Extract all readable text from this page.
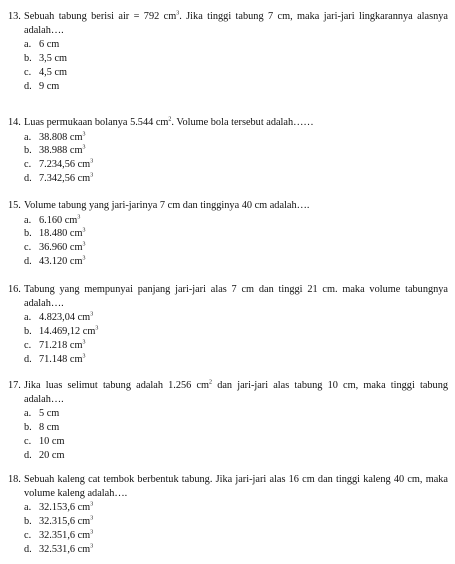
13. Sebuah tabung berisi air = 792 $cm^3$. Jika tinggi tabung 7 cm, maka jari-jari lingkarannya alasnya adalah….
a. 6 cm
b. 3,5 cm
c. 4,5 cm
d. 9 cm
14. Luas permukaan bolanya 5.544 $cm^2$. Volume bola tersebut adalah……
a. 38.808 $cm^3$
b. 38.988 $cm^3$
c. 7.234,56 $cm^3$
d. 7.342,56 $cm^3$
15. Volume tabung yang jari-jarinya 7 cm dan tingginya 40 cm adalah….
a. 6.160 $cm^3$
b. 18.480 $cm^3$
c. 36.960 $cm^3$
d. 43.120 $cm^3$
16. Tabung yang mempunyai panjang jari-jari alas 7 cm dan tinggi 21 cm. maka volume tabungnya adalah….
a. 4.823,04 $cm^3$
b. 14.469,12 $cm^3$
c. 71.218 $cm^3$
d. 71.148 $cm^3$
17. Jika luas selimut tabung adalah 1.256 $cm^2$ dan jari-jari alas tabung 10 cm, maka tinggi tabung adalah….
a. 5 cm
b. 8 cm
c. 10 cm
d. 20 cm
18. Sebuah kaleng cat tembok berbentuk tabung. Jika jari-jari alas 16 cm dan tinggi kaleng 40 cm, maka volume kaleng adalah….
a. 32.153,6 $cm^3$
b. 32.315,6 $cm^3$
c. 32.351,6 $cm^3$
d. 32.531,6 $cm^3$
